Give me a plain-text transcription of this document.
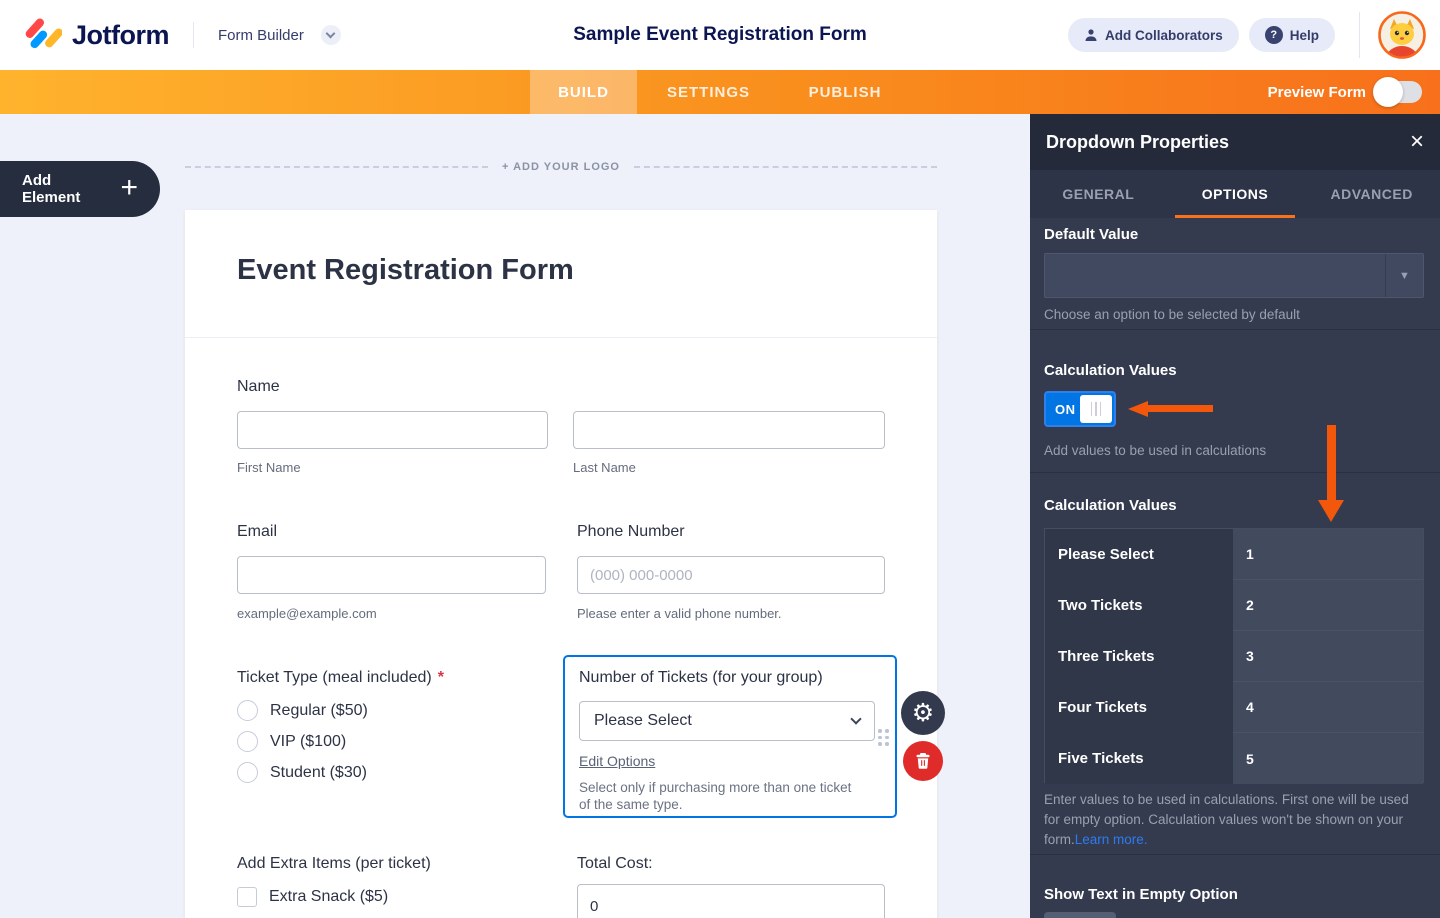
Jotform	Form Builder	Sample Event Registration Form	Add Collaborators	? Help
BUILD	SETTINGS	PUBLISH	Preview Form
Add Element	+
+ ADD YOUR LOGO
Event Registration Form
Name
First Name	Last Name
Email	Phone Number
(000) 000-0000
example@example.com	Please enter a valid phone number.
Ticket Type (meal included) *
Regular ($50)
VIP ($100)
Student ($30)
Number of Tickets (for your group)
Please Select
Edit Options
Select only if purchasing more than one ticket of the same type.
Add Extra Items (per ticket)
Extra Snack ($5)
Total Cost:
0
⚙
Dropdown Properties	×
GENERAL	OPTIONS	ADVANCED
Default Value
▼
Choose an option to be selected by default
Calculation Values
ON
Add values to be used in calculations
Calculation Values
Please Select	1
Two Tickets	2
Three Tickets	3
Four Tickets	4
Five Tickets	5
Enter values to be used in calculations. First one will be used for empty option. Calculation values won't be shown on your form.Learn more.
Show Text in Empty Option
